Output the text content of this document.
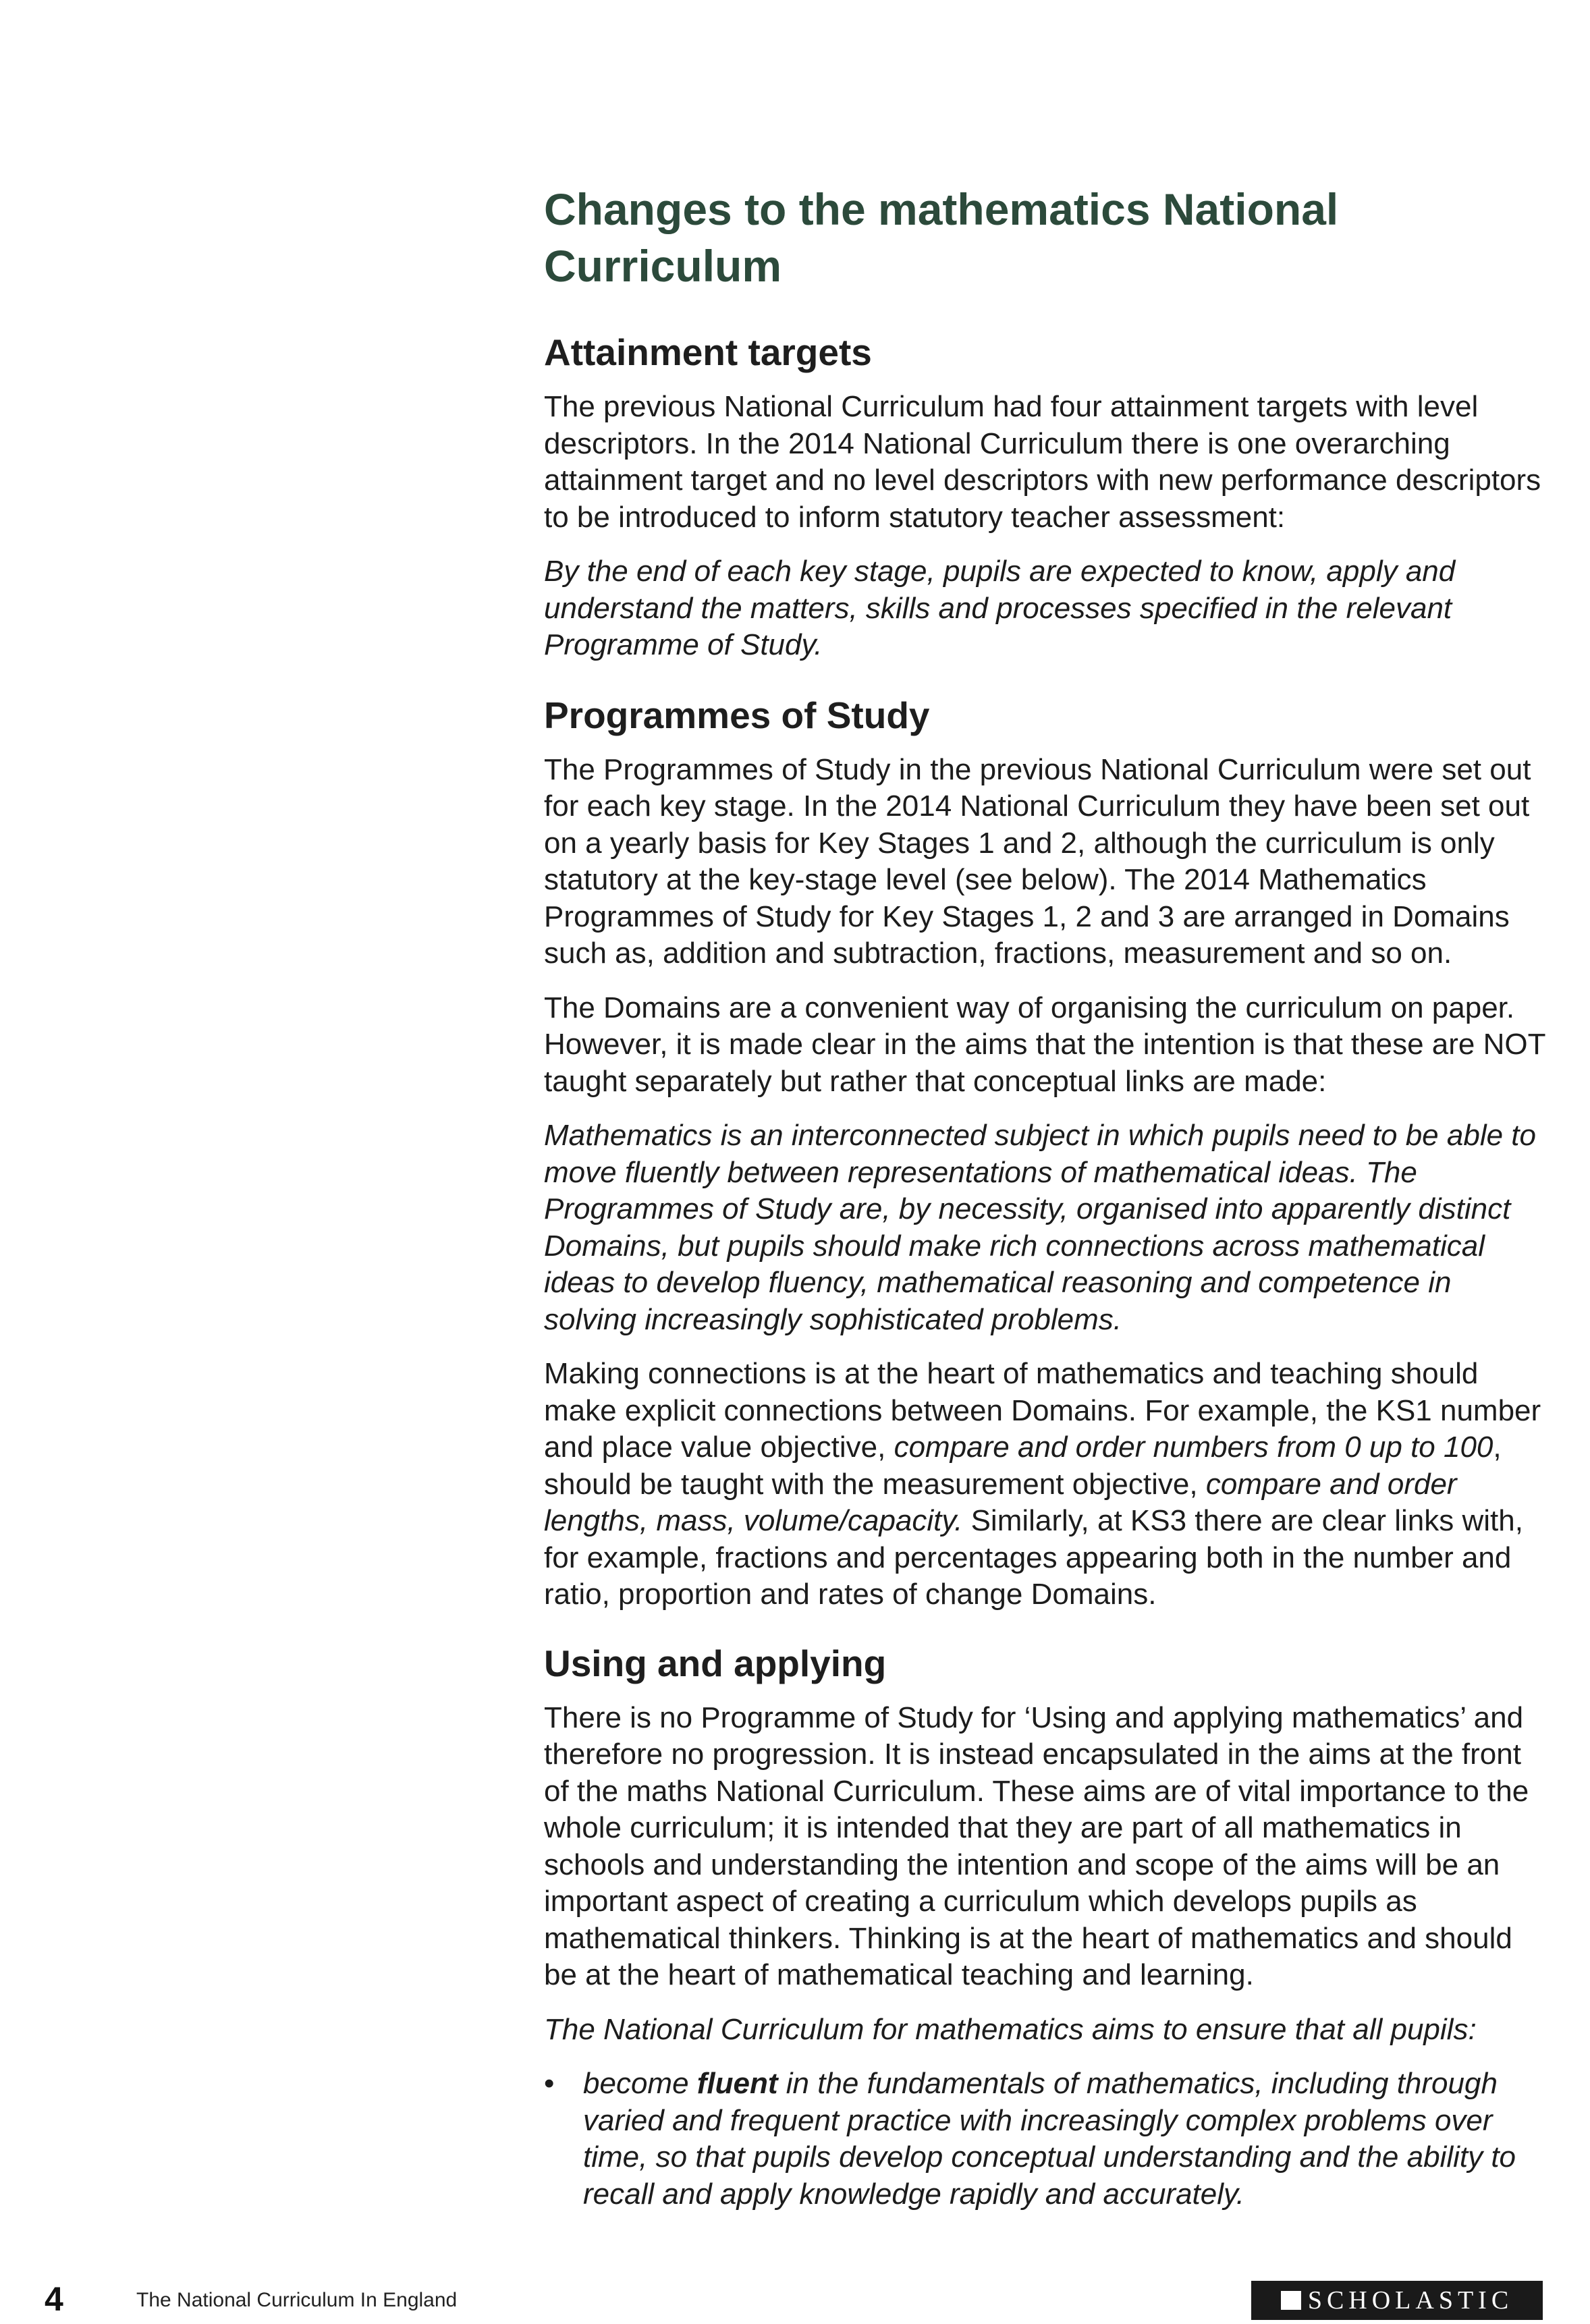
Changes to the mathematics National Curriculum
Attainment targets

The previous National Curriculum had four attainment targets with level descriptors. In the 2014 National Curriculum there is one overarching attainment target and no level descriptors with new performance descriptors to be introduced to inform statutory teacher assessment:

By the end of each key stage, pupils are expected to know, apply and understand the matters, skills and processes specified in the relevant Programme of Study.

Programmes of Study

The Programmes of Study in the previous National Curriculum were set out for each key stage. In the 2014 National Curriculum they have been set out on a yearly basis for Key Stages 1 and 2, although the curriculum is only statutory at the key-stage level (see below). The 2014 Mathematics Programmes of Study for Key Stages 1, 2 and 3 are arranged in Domains such as, addition and subtraction, fractions, measurement and so on.

The Domains are a convenient way of organising the curriculum on paper. However, it is made clear in the aims that the intention is that these are NOT taught separately but rather that conceptual links are made:

Mathematics is an interconnected subject in which pupils need to be able to move fluently between representations of mathematical ideas. The Programmes of Study are, by necessity, organised into apparently distinct Domains, but pupils should make rich connections across mathematical ideas to develop fluency, mathematical reasoning and competence in solving increasingly sophisticated problems.

Making connections is at the heart of mathematics and teaching should make explicit connections between Domains. For example, the KS1 number and place value objective, compare and order numbers from 0 up to 100, should be taught with the measurement objective, compare and order lengths, mass, volume/capacity. Similarly, at KS3 there are clear links with, for example, fractions and percentages appearing both in the number and ratio, proportion and rates of change Domains.

Using and applying

There is no Programme of Study for ‘Using and applying mathematics’ and therefore no progression. It is instead encapsulated in the aims at the front of the maths National Curriculum. These aims are of vital importance to the whole curriculum; it is intended that they are part of all mathematics in schools and understanding the intention and scope of the aims will be an important aspect of creating a curriculum which develops pupils as mathematical thinkers. Thinking is at the heart of mathematics and should be at the heart of mathematical teaching and learning.

The National Curriculum for mathematics aims to ensure that all pupils:

• become fluent in the fundamentals of mathematics, including through varied and frequent practice with increasingly complex problems over time, so that pupils develop conceptual understanding and the ability to recall and apply knowledge rapidly and accurately.
4	The National Curriculum In England	SCHOLASTIC
